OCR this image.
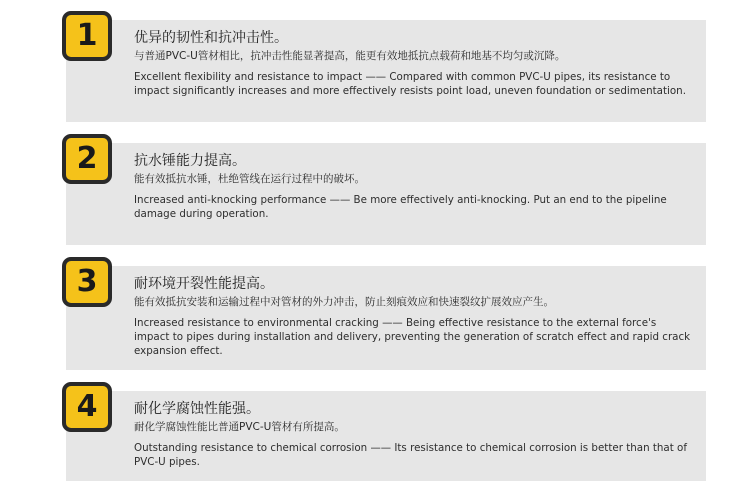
1	优异的韧性和抗冲击性。
与普通PVC-U管材相比，抗冲击性能显著提高，能更有效地抵抗点载荷和地基不均匀或沉降。
Excellent flexibility and resistance to impact —— Compared with common PVC-U pipes, its resistance to impact significantly increases and more effectively resists point load, uneven foundation or sedimentation.
2	抗水锤能力提高。
能有效抵抗水锤，杜绝管线在运行过程中的破坏。
Increased anti-knocking performance —— Be more effectively anti-knocking. Put an end to the pipeline damage during operation.
3	耐环境开裂性能提高。
能有效抵抗安装和运输过程中对管材的外力冲击，防止刻痕效应和快速裂纹扩展效应产生。
Increased resistance to environmental cracking —— Being effective resistance to the external force's impact to pipes during installation and delivery, preventing the generation of scratch effect and rapid crack expansion effect.
4	耐化学腐蚀性能强。
耐化学腐蚀性能比普通PVC-U管材有所提高。
Outstanding resistance to chemical corrosion —— Its resistance to chemical corrosion is better than that of PVC-U pipes.
